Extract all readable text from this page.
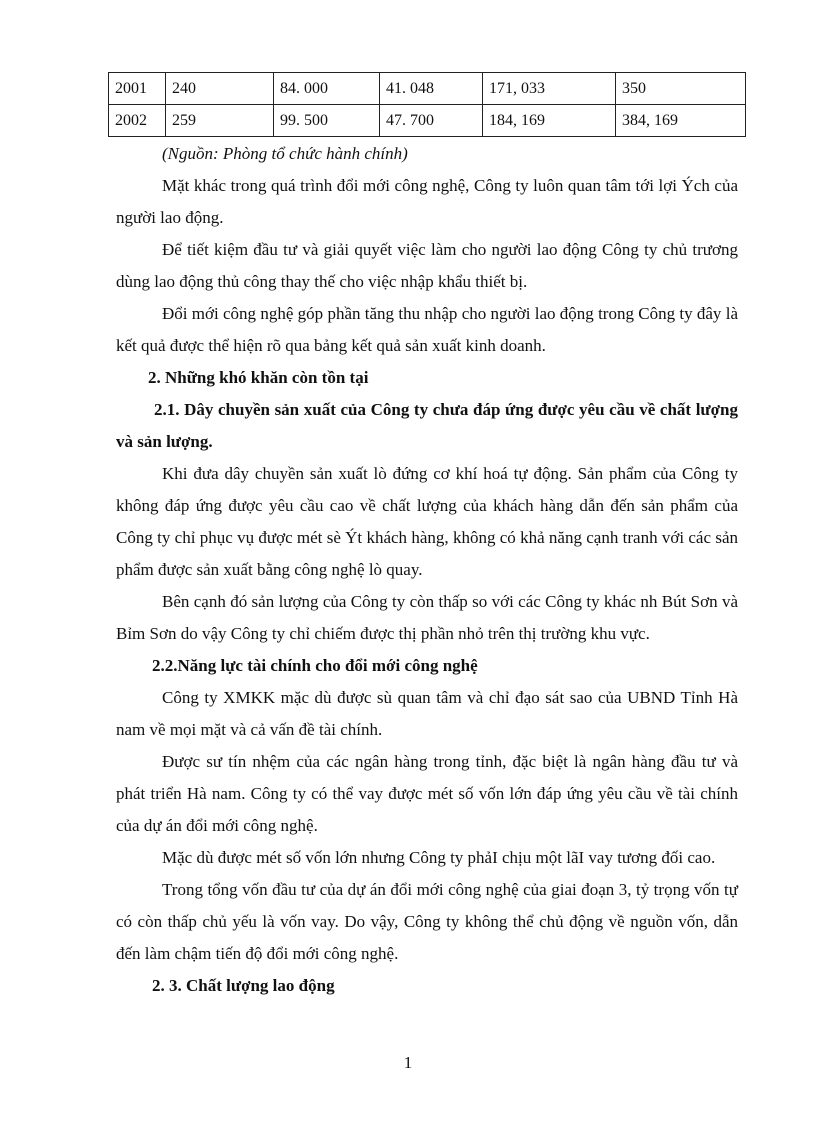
2001	240	84. 000	41. 048	171, 033	350
2002	259	99. 500	47. 700	184, 169	384, 169
(Nguồn: Phòng tổ chức hành chính)

Mặt khác trong quá trình đổi mới công nghệ, Công ty luôn quan tâm tới lợi Ých của người lao động.

Để tiết kiệm đầu tư và giải quyết việc làm cho người lao động Công ty chủ trương dùng lao động thủ công thay thế cho việc nhập khẩu thiết bị.

Đổi mới công nghệ góp phần tăng thu nhập cho người lao động trong Công ty đây là kết quả được thể hiện rõ qua bảng kết quả sản xuất kinh doanh.

2. Những khó khăn còn tồn tại

2.1. Dây chuyền sản xuất của Công ty chưa đáp ứng được yêu cầu về chất lượng và sản lượng.

Khi đưa dây chuyền sản xuất lò đứng cơ khí hoá tự động. Sản phẩm của Công ty không đáp ứng được yêu cầu cao về chất lượng của khách hàng dẫn đến sản phẩm của Công ty chỉ phục vụ được mét sè Ýt khách hàng, không có khả năng cạnh tranh với các sản phẩm được sản xuất bằng công nghệ lò quay.

Bên cạnh đó sản lượng của Công ty còn thấp so với các Công ty khác nh Bút Sơn và Bỉm Sơn do vậy Công ty chỉ chiếm được thị phần nhỏ trên thị trường khu vực.

2.2.Năng lực tài chính cho đổi mới công nghệ

Công ty XMKK mặc dù được sù quan tâm và chỉ đạo sát sao của UBND Tỉnh Hà nam về mọi mặt và cả vấn đề tài chính.

Được sư tín nhệm của các ngân hàng trong tỉnh, đặc biệt là ngân hàng đầu tư và phát triển Hà nam. Công ty có thể vay được mét số vốn lớn đáp ứng yêu cầu về tài chính của dự án đổi mới công nghệ.

Mặc dù được mét số vốn lớn nhưng Công ty phảI chịu một lãI vay tương đối cao.

Trong tổng vốn đầu tư của dự án đổi mới công nghệ của giai đoạn 3, tỷ trọng vốn tự có còn thấp chủ yếu là vốn vay. Do vậy, Công ty không thể chủ động về nguồn vốn, dẫn đến làm chậm tiến độ đổi mới công nghệ.

2. 3. Chất lượng lao động

1
